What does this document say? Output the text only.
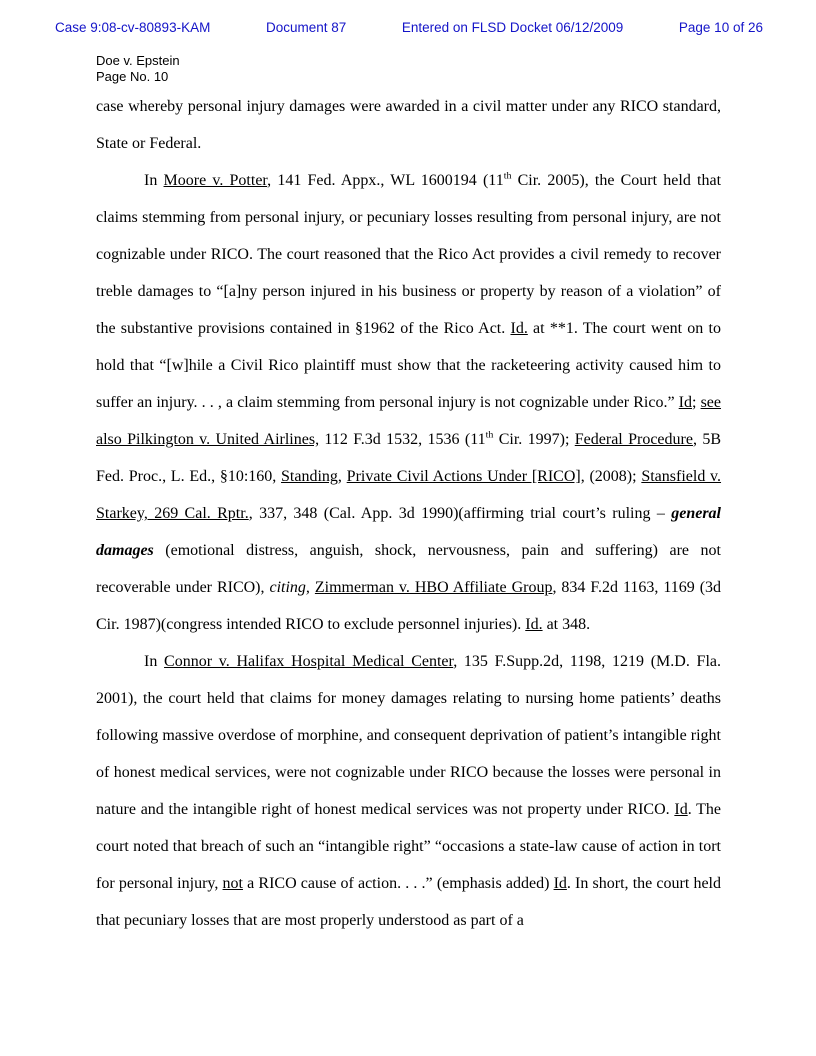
Case 9:08-cv-80893-KAM	Document 87	Entered on FLSD Docket 06/12/2009	Page 10 of 26
Doe v. Epstein
Page No. 10

case whereby personal injury damages were awarded in a civil matter under any RICO standard, State or Federal.

In Moore v. Potter, 141 Fed. Appx., WL 1600194 (11th Cir. 2005), the Court held that claims stemming from personal injury, or pecuniary losses resulting from personal injury, are not cognizable under RICO. The court reasoned that the Rico Act provides a civil remedy to recover treble damages to “[a]ny person injured in his business or property by reason of a violation” of the substantive provisions contained in §1962 of the Rico Act. Id. at **1. The court went on to hold that “[w]hile a Civil Rico plaintiff must show that the racketeering activity caused him to suffer an injury. . . , a claim stemming from personal injury is not cognizable under Rico.” Id; see also Pilkington v. United Airlines, 112 F.3d 1532, 1536 (11th Cir. 1997); Federal Procedure, 5B Fed. Proc., L. Ed., §10:160, Standing, Private Civil Actions Under [RICO], (2008); Stansfield v. Starkey, 269 Cal. Rptr., 337, 348 (Cal. App. 3d 1990)(affirming trial court’s ruling – general damages (emotional distress, anguish, shock, nervousness, pain and suffering) are not recoverable under RICO), citing, Zimmerman v. HBO Affiliate Group, 834 F.2d 1163, 1169 (3d Cir. 1987)(congress intended RICO to exclude personnel injuries). Id. at 348.

In Connor v. Halifax Hospital Medical Center, 135 F.Supp.2d, 1198, 1219 (M.D. Fla. 2001), the court held that claims for money damages relating to nursing home patients’ deaths following massive overdose of morphine, and consequent deprivation of patient’s intangible right of honest medical services, were not cognizable under RICO because the losses were personal in nature and the intangible right of honest medical services was not property under RICO. Id. The court noted that breach of such an “intangible right” “occasions a state-law cause of action in tort for personal injury, not a RICO cause of action. . . .” (emphasis added) Id. In short, the court held that pecuniary losses that are most properly understood as part of a
